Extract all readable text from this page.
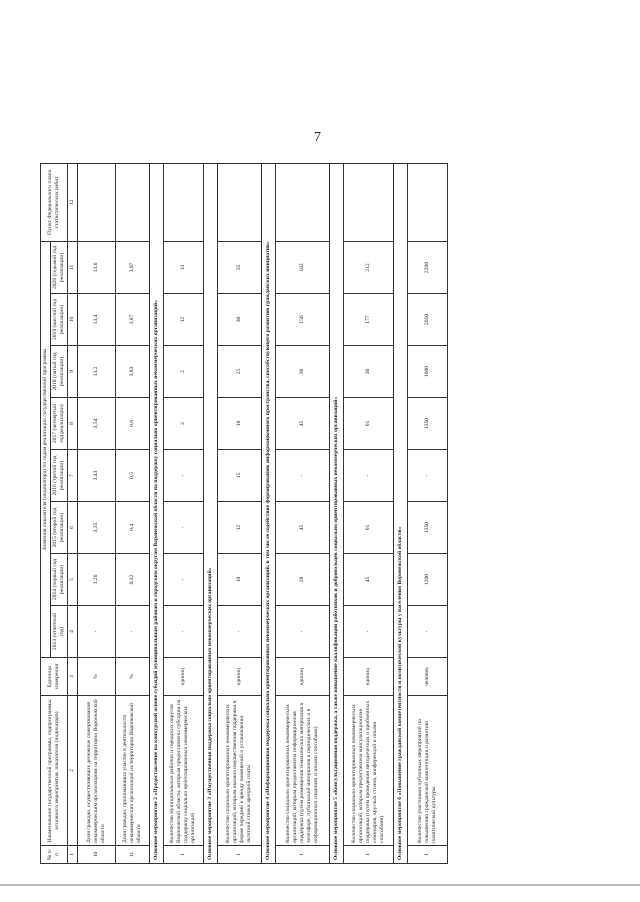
7
№ п/п	Наименование государственной программы, подпрограммы, основного мероприятия, показателя (индикатора)	Единицы измерения	Значения показателя (индикатора) по годам реализации государственной программы								Пункт Федерального плана статистических работ
			2013 (отчетный год)	2014 (первый год реализации)	2015 (второй год реализации)	2016 (третий год реализации)	2017 (четвертый год реализации)	2018 (пятый год реализации)	2019 (шестой год реализации)	2020 (седьмой год реализации)	
1	2	3	4	5	6	7	8	9	10	11	12
10	Доля граждан, осуществляющих денежные пожертвования некоммерческим организациям на территории Воронежской области	%	-	3,26	3,35	3,43	3,54	13,2	13,4	13,6	
11	Доля граждан, принимающих участие в деятельности некоммерческих организаций на территории Воронежской области	%	-	0,32	0,4	0,5	0,6	3,83	3,87	3,97	
Основное мероприятие 2 «Предоставление на конкурсной основе субсидий муниципальным районам и городским округам Воронежской области на поддержку социально ориентированных некоммерческих организаций»											
1	Количество муниципальных районов и городских округов Воронежской области, которым предоставлены субсидии на поддержку социально ориентированных некоммерческих организаций	единиц	-	-	-	-	2	2	12	13	
Основное мероприятие 3 «Имущественная поддержка социально ориентированных некоммерческих организаций»											
1	Количество социально ориентированных некоммерческих организаций, которым оказана имущественная поддержка в форме передачи в аренду помещений и установления льготной ставки арендной платы	единиц	-	10	12	15	18	25	30	35	
Основное мероприятие 4 «Информационная поддержка социально ориентированных некоммерческих организаций, в том числе содействие формированию информационного пространства, способствующего развитию гражданских инициатив»											
1	Количество социально ориентированных некоммерческих организаций, которым предоставлена информационная поддержка (путем размещения тематических материалов в телеэфире, публикаций материалов в периодических и в информационных изданиях и иными способами)	единиц	-	28	45	-	45	30	156	182	
Основное мероприятие 5 «Консультационная поддержка, а также повышение квалификации работников и добровольцев социально ориентированных некоммерческих организаций»											
1	Количество социально ориентированных некоммерческих организаций, которым предоставлена консультационная поддержка (путем проведения методических и проблемных семинаров, круглых столов, конференций и иными способами)	единиц	-	45	61	-	61	30	177	212	
Основное мероприятие 6 «Повышение гражданской компетентности и политической культуры у населения Воронежской области»											
1	Количество участников публичных мероприятий по повышению гражданской компетенции и развитию политической культуры	человек	-	1200	1350	-	1350	1000	2050	2200	
